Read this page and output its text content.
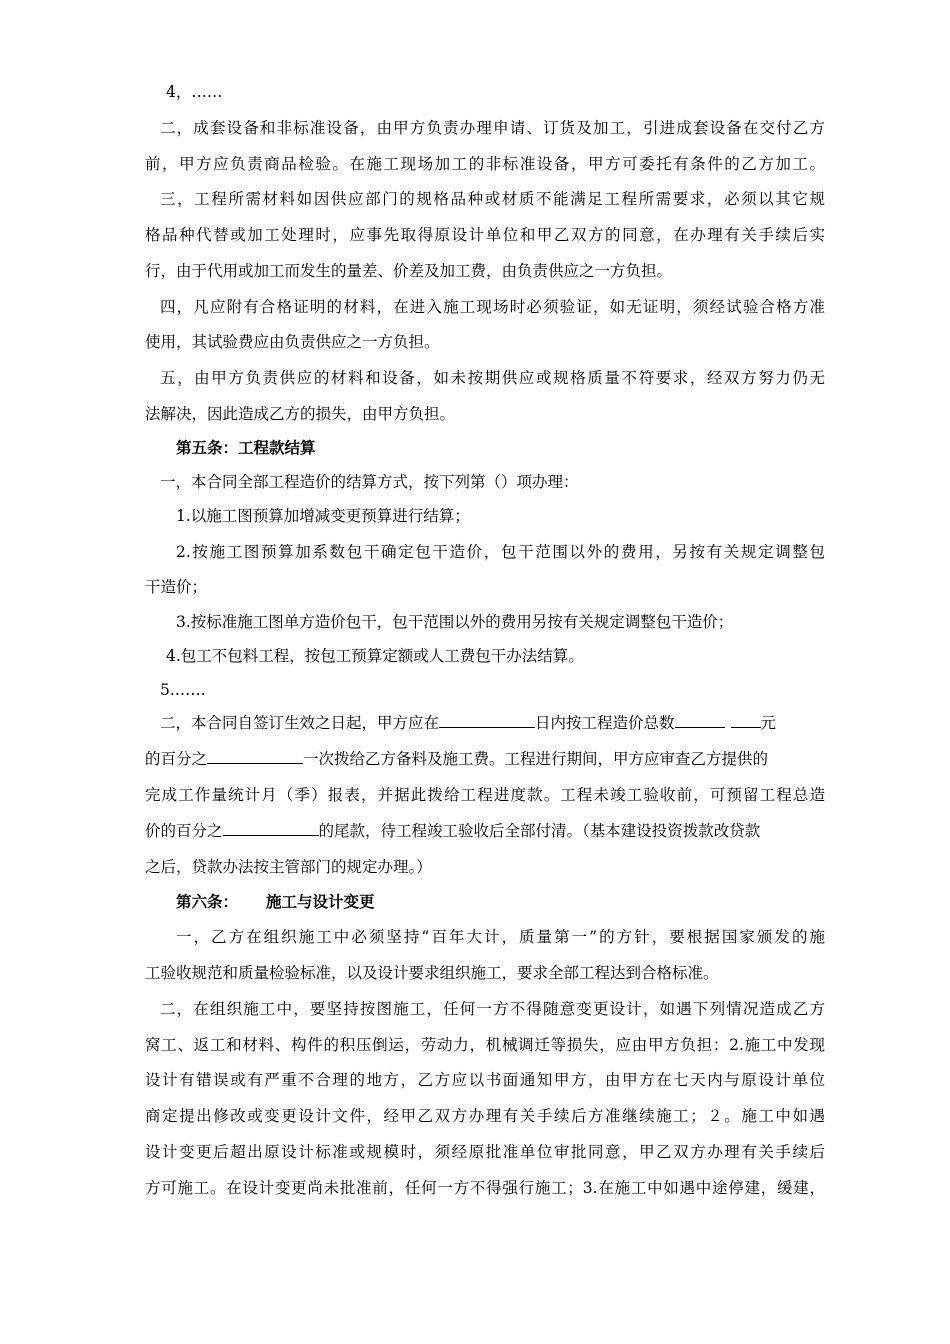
4，……
二，成套设备和非标准设备，由甲方负责办理申请、订货及加工，引进成套设备在交付乙方
前，甲方应负责商品检验。在施工现场加工的非标准设备，甲方可委托有条件的乙方加工。
三，工程所需材料如因供应部门的规格品种或材质不能满足工程所需要求，必须以其它规
格品种代替或加工处理时，应事先取得原设计单位和甲乙双方的同意，在办理有关手续后实
行，由于代用或加工而发生的量差、价差及加工费，由负责供应之一方负担。
四，凡应附有合格证明的材料，在进入施工现场时必须验证，如无证明，须经试验合格方准
使用，其试验费应由负责供应之一方负担。
五，由甲方负责供应的材料和设备，如未按期供应或规格质量不符要求，经双方努力仍无
法解决，因此造成乙方的损失，由甲方负担。
第五条：工程款结算
一，本合同全部工程造价的结算方式，按下列第（）项办理：
1.以施工图预算加增减变更预算进行结算；
2.按施工图预算加系数包干确定包干造价，包干范围以外的费用，另按有关规定调整包
干造价；
3.按标准施工图单方造价包干，包干范围以外的费用另按有关规定调整包干造价；
4.包工不包料工程，按包工预算定额或人工费包干办法结算。
5.……
二，本合同自签订生效之日起，甲方应在	日内按工程造价总数	元
的百分之	一次拨给乙方备料及施工费。工程进行期间，甲方应审查乙方提供的
完成工作量统计月（季）报表，并据此拨给工程进度款。工程未竣工验收前，可预留工程总造
价的百分之	的尾款，待工程竣工验收后全部付清。（基本建设投资拨款改贷款
之后，贷款办法按主管部门的规定办理。）
第六条： 施工与设计变更
一，乙方在组织施工中必须坚持“百年大计，质量第一”的方针，要根据国家颁发的施
工验收规范和质量检验标准，以及设计要求组织施工，要求全部工程达到合格标准。
二，在组织施工中，要坚持按图施工，任何一方不得随意变更设计，如遇下列情况造成乙方
窝工、返工和材料、构件的积压倒运，劳动力，机械调迁等损失，应由甲方负担：2.施工中发现
设计有错误或有严重不合理的地方，乙方应以书面通知甲方，由甲方在七天内与原设计单位
商定提出修改或变更设计文件，经甲乙双方办理有关手续后方准继续施工；２。施工中如遇
设计变更后超出原设计标准或规模时，须经原批准单位审批同意，甲乙双方办理有关手续后
方可施工。在设计变更尚未批准前，任何一方不得强行施工；3.在施工中如遇中途停建，缓建，
